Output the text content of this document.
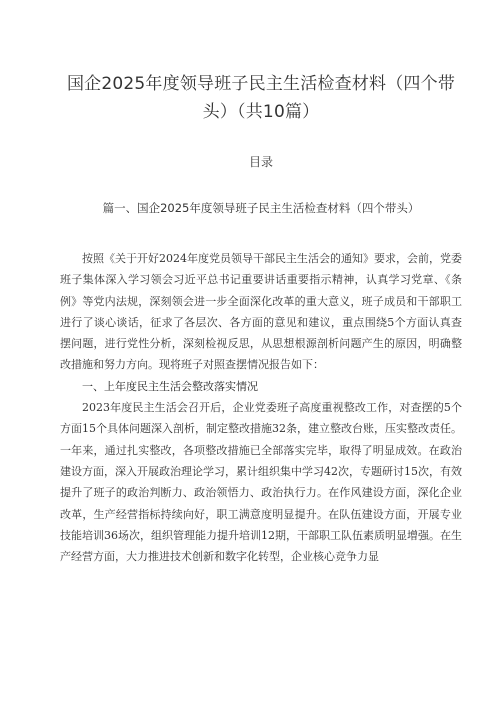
国企2025年度领导班子民主生活检查材料（四个带头）（共10篇）
目录
篇一、国企2025年度领导班子民主生活检查材料（四个带头）

按照《关于开好2024年度党员领导干部民主生活会的通知》要求，会前，党委班子集体深入学习领会习近平总书记重要讲话重要指示精神，认真学习党章、《条例》等党内法规，深刻领会进一步全面深化改革的重大意义，班子成员和干部职工进行了谈心谈话，征求了各层次、各方面的意见和建议，重点围绕5个方面认真查摆问题，进行党性分析，深刻检视反思，从思想根源剖析问题产生的原因，明确整改措施和努力方向。现将班子对照查摆情况报告如下：

一、上年度民主生活会整改落实情况

2023年度民主生活会召开后，企业党委班子高度重视整改工作，对查摆的5个方面15个具体问题深入剖析，制定整改措施32条，建立整改台账，压实整改责任。一年来，通过扎实整改，各项整改措施已全部落实完毕，取得了明显成效。在政治建设方面，深入开展政治理论学习，累计组织集中学习42次，专题研讨15次，有效提升了班子的政治判断力、政治领悟力、政治执行力。在作风建设方面，深化企业改革，生产经营指标持续向好，职工满意度明显提升。在队伍建设方面，开展专业技能培训36场次，组织管理能力提升培训12期，干部职工队伍素质明显增强。在生产经营方面，大力推进技术创新和数字化转型，企业核心竞争力显
